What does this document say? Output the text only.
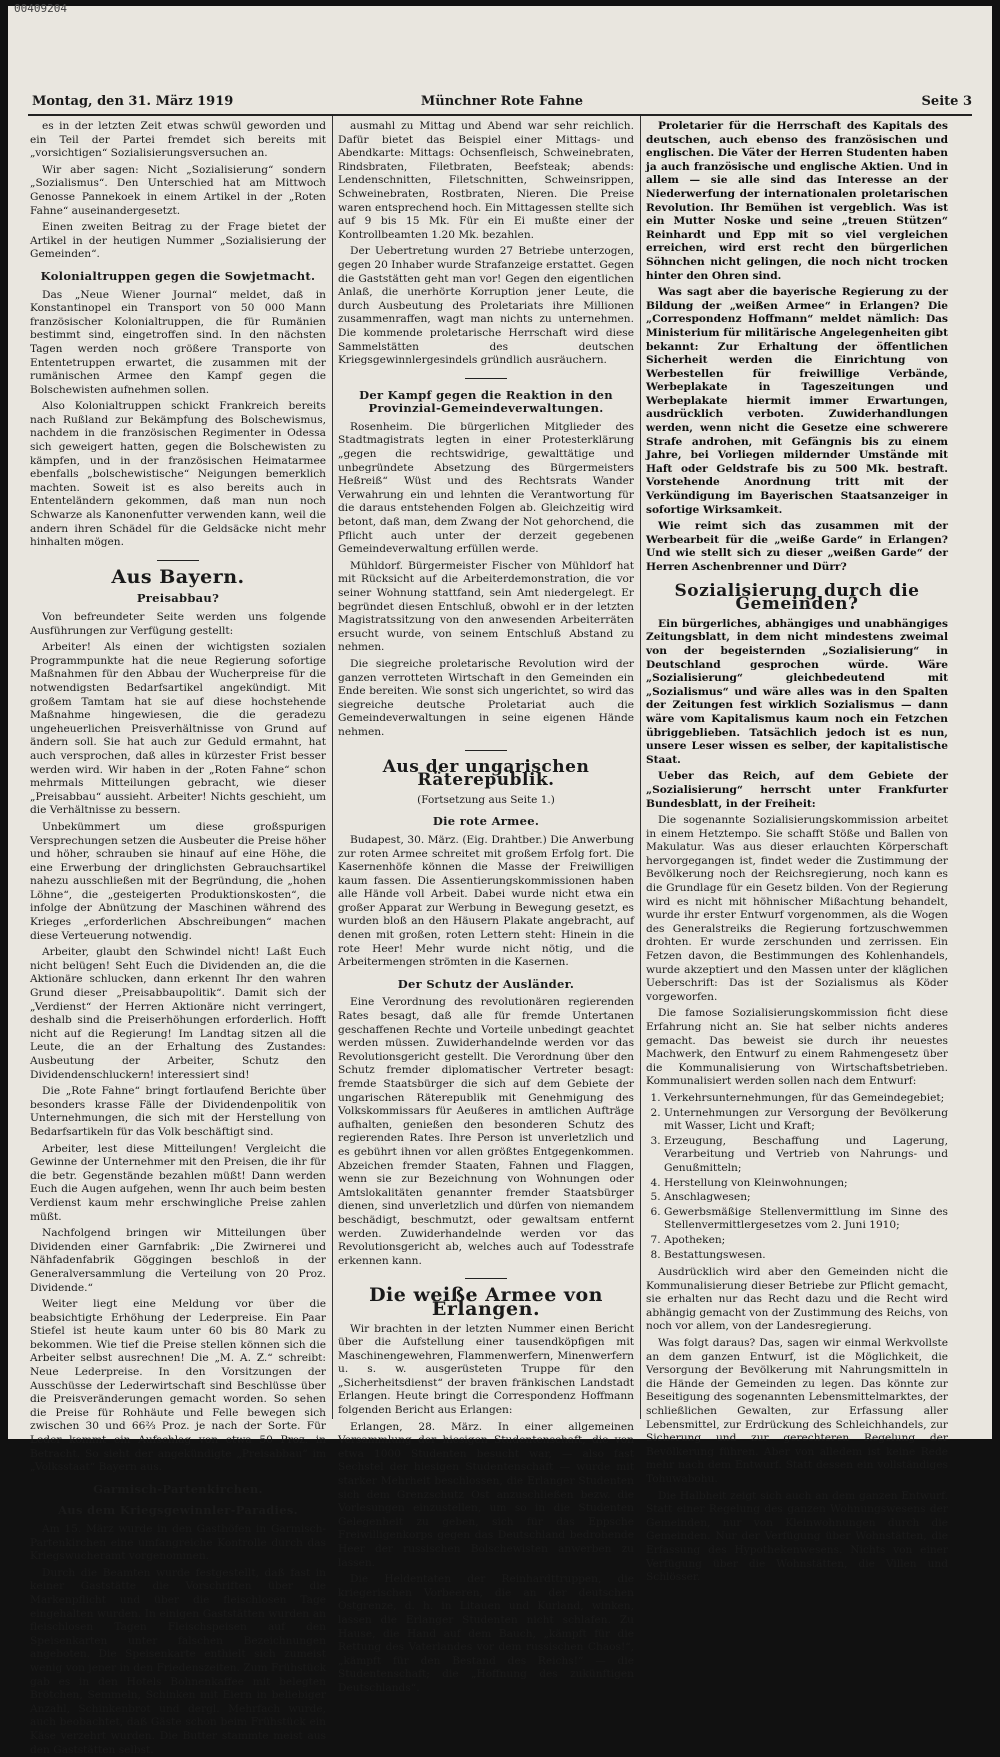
00409204
Montag, den 31. März 1919	Münchner Rote Fahne	Seite 3

es in der letzten Zeit etwas schwül geworden und ein Teil der Partei fremdet sich bereits mit „vorsichtigen“ Sozialisierungsversuchen an.

Wir aber sagen: Nicht „Sozialisierung“ sondern „Sozialismus“. Den Unterschied hat am Mittwoch Genosse Pannekoek in einem Artikel in der „Roten Fahne“ auseinandergesetzt.

Einen zweiten Beitrag zu der Frage bietet der Artikel in der heutigen Nummer „Sozialisierung der Gemeinden“.

Kolonialtruppen gegen die Sowjetmacht.

Das „Neue Wiener Journal“ meldet, daß in Konstantinopel ein Transport von 50 000 Mann französischer Kolonialtruppen, die für Rumänien bestimmt sind, eingetroffen sind. In den nächsten Tagen werden noch größere Transporte von Ententetruppen erwartet, die zusammen mit der rumänischen Armee den Kampf gegen die Bolschewisten aufnehmen sollen.

Also Kolonialtruppen schickt Frankreich bereits nach Rußland zur Bekämpfung des Bolschewismus, nachdem in die französischen Regimenter in Odessa sich geweigert hatten, gegen die Bolschewisten zu kämpfen, und in der französischen Heimatarmee ebenfalls „bolschewistische“ Neigungen bemerklich machten. Soweit ist es also bereits auch in Ententeländern gekommen, daß man nun noch Schwarze als Kanonenfutter verwenden kann, weil die andern ihren Schädel für die Geldsäcke nicht mehr hinhalten mögen.

Aus Bayern.
Preisabbau?

Von befreundeter Seite werden uns folgende Ausführungen zur Verfügung gestellt:

Arbeiter! Als einen der wichtigsten sozialen Programmpunkte hat die neue Regierung sofortige Maßnahmen für den Abbau der Wucherpreise für die notwendigsten Bedarfsartikel angekündigt. Mit großem Tamtam hat sie auf diese hochstehende Maßnahme hingewiesen, die die geradezu ungeheuerlichen Preisverhältnisse von Grund auf ändern soll. Sie hat auch zur Geduld ermahnt, hat auch versprochen, daß alles in kürzester Frist besser werden wird. Wir haben in der „Roten Fahne“ schon mehrmals Mitteilungen gebracht, wie dieser „Preisabbau“ aussieht. Arbeiter! Nichts geschieht, um die Verhältnisse zu bessern.

Unbekümmert um diese großspurigen Versprechungen setzen die Ausbeuter die Preise höher und höher, schrauben sie hinauf auf eine Höhe, die eine Erwerbung der dringlichsten Gebrauchsartikel nahezu ausschließen mit der Begründung, die „hohen Löhne“, die „gesteigerten Produktionskosten“, die infolge der Abnützung der Maschinen während des Krieges „erforderlichen Abschreibungen“ machen diese Verteuerung notwendig.

Arbeiter, glaubt den Schwindel nicht! Laßt Euch nicht belügen! Seht Euch die Dividenden an, die die Aktionäre schlucken, dann erkennt Ihr den wahren Grund dieser „Preisabbaupolitik“. Damit sich der „Verdienst“ der Herren Aktionäre nicht verringert, deshalb sind die Preiserhöhungen erforderlich. Hofft nicht auf die Regierung! Im Landtag sitzen all die Leute, die an der Erhaltung des Zustandes: Ausbeutung der Arbeiter, Schutz den Dividendenschluckern! interessiert sind!

Die „Rote Fahne“ bringt fortlaufend Berichte über besonders krasse Fälle der Dividendenpolitik von Unternehmungen, die sich mit der Herstellung von Bedarfsartikeln für das Volk beschäftigt sind.

Arbeiter, lest diese Mitteilungen! Vergleicht die Gewinne der Unternehmer mit den Preisen, die ihr für die betr. Gegenstände bezahlen müßt! Dann werden Euch die Augen aufgehen, wenn Ihr auch beim besten Verdienst kaum mehr erschwingliche Preise zahlen müßt.

Nachfolgend bringen wir Mitteilungen über Dividenden einer Garnfabrik: „Die Zwirnerei und Nähfadenfabrik Göggingen beschloß in der Generalversammlung die Verteilung von 20 Proz. Dividende.“

Weiter liegt eine Meldung vor über die beabsichtigte Erhöhung der Lederpreise. Ein Paar Stiefel ist heute kaum unter 60 bis 80 Mark zu bekommen. Wie tief die Preise stellen können sich die Arbeiter selbst ausrechnen! Die „M. A. Z.“ schreibt: Neue Lederpreise. In den Vorsitzungen der Ausschüsse der Lederwirtschaft sind Beschlüsse über die Preisveränderungen gemacht worden. So sehen die Preise für Rohhäute und Felle bewegen sich zwischen 30 und 66⅔ Proz. je nach der Sorte. Für Leder kommt ein Aufschlag von etwa 50 Proz. in Betracht. So sieht der angekündigte „Preisabbau“ im „Volksstaat“ Bayern aus.

Garmisch-Partenkirchen.
Aus dem Kriegsgewinnler-Paradies.

Am 15. März wurde in den Gasthöfen in Garmisch-Partenkirchen eine umfangreiche Kontrolle durch das Kriegswucheramt vorgenommen.

Durch die Beamten wurde festgestellt, daß fast in keiner Gaststätte die Vorschriften über die Markenpflicht und über die fleischlosen Tage eingehalten wurden. In einigen Gaststätten wurden an fleischlosen Tagen Fleischspeisen auf den Speisenkarten unter falschen Bezeichnungen angeboten. Die Speisenkarte enthielt sich zumeist wenig von jener in den Friedenszeiten. Zum Frühstück gab es in den Hotels Bohnenkaffee mit belegten Brötchen, Semmeln, Schinken mit Eiern in beliebiger Anzahl, Schinkenbrot und dergl. Mehrfach wurde, auch beobachtet, daß Gäste schon beim Frühstück ein Käse verzehrt wurden. Die Butter stammte meist aus den Gaststätten selbst.

ausmahl zu Mittag und Abend war sehr reichlich. Dafür bietet das Beispiel einer Mittags- und Abendkarte: Mittags: Ochsenfleisch, Schweinebraten, Rindsbraten, Filetbraten, Beefsteak; abends: Lendenschnitten, Filetschnitten, Schweinsrippen, Schweinebraten, Rostbraten, Nieren. Die Preise waren entsprechend hoch. Ein Mittagessen stellte sich auf 9 bis 15 Mk. Für ein Ei mußte einer der Kontrollbeamten 1.20 Mk. bezahlen.

Der Uebertretung wurden 27 Betriebe unterzogen, gegen 20 Inhaber wurde Strafanzeige erstattet. Gegen die Gaststätten geht man vor! Gegen den eigentlichen Anlaß, die unerhörte Korruption jener Leute, die durch Ausbeutung des Proletariats ihre Millionen zusammenraffen, wagt man nichts zu unternehmen. Die kommende proletarische Herrschaft wird diese Sammelstätten des deutschen Kriegsgewinnlergesindels gründlich ausräuchern.

Der Kampf gegen die Reaktion in den Provinzial-Gemeindeverwaltungen.

Rosenheim. Die bürgerlichen Mitglieder des Stadtmagistrats legten in einer Protesterklärung „gegen die rechtswidrige, gewalttätige und unbegründete Absetzung des Bürgermeisters Heßreiß“ Wüst und des Rechtsrats Wander Verwahrung ein und lehnten die Verantwortung für die daraus entstehenden Folgen ab. Gleichzeitig wird betont, daß man, dem Zwang der Not gehorchend, die Pflicht auch unter der derzeit gegebenen Gemeindeverwaltung erfüllen werde.

Mühldorf. Bürgermeister Fischer von Mühldorf hat mit Rücksicht auf die Arbeiterdemonstration, die vor seiner Wohnung stattfand, sein Amt niedergelegt. Er begründet diesen Entschluß, obwohl er in der letzten Magistratssitzung von den anwesenden Arbeiterräten ersucht wurde, von seinem Entschluß Abstand zu nehmen.

Die siegreiche proletarische Revolution wird der ganzen verrotteten Wirtschaft in den Gemeinden ein Ende bereiten. Wie sonst sich ungerichtet, so wird das siegreiche deutsche Proletariat auch die Gemeindeverwaltungen in seine eigenen Hände nehmen.

Aus der ungarischen Räterepublik.
(Fortsetzung aus Seite 1.)
Die rote Armee.

Budapest, 30. März. (Eig. Drahtber.) Die Anwerbung zur roten Armee schreitet mit großem Erfolg fort. Die Kasernenhöfe können die Masse der Freiwilligen kaum fassen. Die Assentierungskommissionen haben alle Hände voll Arbeit. Dabei wurde nicht etwa ein großer Apparat zur Werbung in Bewegung gesetzt, es wurden bloß an den Häusern Plakate angebracht, auf denen mit großen, roten Lettern steht: Hinein in die rote Heer! Mehr wurde nicht nötig, und die Arbeitermengen strömten in die Kasernen.

Der Schutz der Ausländer.

Eine Verordnung des revolutionären regierenden Rates besagt, daß alle für fremde Untertanen geschaffenen Rechte und Vorteile unbedingt geachtet werden müssen. Zuwiderhandelnde werden vor das Revolutionsgericht gestellt. Die Verordnung über den Schutz fremder diplomatischer Vertreter besagt: fremde Staatsbürger die sich auf dem Gebiete der ungarischen Räterepublik mit Genehmigung des Volkskommissars für Aeußeres in amtlichen Aufträge aufhalten, genießen den besonderen Schutz des regierenden Rates. Ihre Person ist unverletzlich und es gebührt ihnen vor allen größtes Entgegenkommen. Abzeichen fremder Staaten, Fahnen und Flaggen, wenn sie zur Bezeichnung von Wohnungen oder Amtslokalitäten genannter fremder Staatsbürger dienen, sind unverletzlich und dürfen von niemandem beschädigt, beschmutzt, oder gewaltsam entfernt werden. Zuwiderhandelnde werden vor das Revolutionsgericht ab, welches auch auf Todesstrafe erkennen kann.

Die weiße Armee von Erlangen.

Wir brachten in der letzten Nummer einen Bericht über die Aufstellung einer tausendköpfigen mit Maschinengewehren, Flammenwerfern, Minenwerfern u. s. w. ausgerüsteten Truppe für den „Sicherheitsdienst“ der braven fränkischen Landstadt Erlangen. Heute bringt die Correspondenz Hoffmann folgenden Bericht aus Erlangen:

Erlangen, 28. März. In einer allgemeinen Versammlung der hiesigen Studentenschaft, die von etwa 1000 Studenten besucht war, — also fast Sechstel der hiesigen Studentenschaft — wurde mit starker Mehrheit beschlossen, die Erlanger Studenten sich dem Grenzschutz Ost anzuschließen bezw. die Vorlesungen einzustellen, um so in die Studenten Gelegenheit zu geben, sich für das Eppsche Freiwilligenkorps gegen das Deutschland bedrohende Heer der russischen Bolschewisten anwerben zu lassen.

Die Heldentaten der Reinhardttruppen, die kriegerischen Vorbeeren, die an der deutschen Ostgrenze, d. h. in Litauen und Kurland, winken, lassen die Erlanger Studenten nicht schlafen. Zu Hause, die Hand auf dem Bauch, „kämpft für die Rettung des Vaterlandes vor dem russischen Chaos!“, „kämpft für den Bestand des Reichs!“ — die Studentenschaft; die „Hoffnung des zukünftigen Deutschlands“.

Proletarier für die Herrschaft des Kapitals des deutschen, auch ebenso des französischen und englischen. Die Väter der Herren Studenten haben ja auch französische und englische Aktien. Und in allem — sie alle sind das Interesse an der Niederwerfung der internationalen proletarischen Revolution. Ihr Bemühen ist vergeblich. Was ist ein Mutter Noske und seine „treuen Stützen“ Reinhardt und Epp mit so viel vergleichen erreichen, wird erst recht den bürgerlichen Söhnchen nicht gelingen, die noch nicht trocken hinter den Ohren sind.

Was sagt aber die bayerische Regierung zu der Bildung der „weißen Armee“ in Erlangen? Die „Correspondenz Hoffmann“ meldet nämlich: Das Ministerium für militärische Angelegenheiten gibt bekannt: Zur Erhaltung der öffentlichen Sicherheit werden die Einrichtung von Werbestellen für freiwillige Verbände, Werbeplakate in Tageszeitungen und Werbeplakate hiermit immer Erwartungen, ausdrücklich verboten. Zuwiderhandlungen werden, wenn nicht die Gesetze eine schwerere Strafe androhen, mit Gefängnis bis zu einem Jahre, bei Vorliegen mildernder Umstände mit Haft oder Geldstrafe bis zu 500 Mk. bestraft. Vorstehende Anordnung tritt mit der Verkündigung im Bayerischen Staatsanzeiger in sofortige Wirksamkeit.

Wie reimt sich das zusammen mit der Werbearbeit für die „weiße Garde“ in Erlangen? Und wie stellt sich zu dieser „weißen Garde“ der Herren Aschenbrenner und Dürr?

Sozialisierung durch die Gemeinden?

Ein bürgerliches, abhängiges und unabhängiges Zeitungsblatt, in dem nicht mindestens zweimal von der begeisternden „Sozialisierung“ in Deutschland gesprochen würde. Wäre „Sozialisierung“ gleichbedeutend mit „Sozialismus“ und wäre alles was in den Spalten der Zeitungen fest wirklich Sozialismus — dann wäre vom Kapitalismus kaum noch ein Fetzchen übriggeblieben. Tatsächlich jedoch ist es nun, unsere Leser wissen es selber, der kapitalistische Staat.

Ueber das Reich, auf dem Gebiete der „Sozialisierung“ herrscht unter Frankfurter Bundesblatt, in der Freiheit:

Die sogenannte Sozialisierungskommission arbeitet in einem Hetztempo. Sie schafft Stöße und Ballen von Makulatur. Was aus dieser erlauchten Körperschaft hervorgegangen ist, findet weder die Zustimmung der Bevölkerung noch der Reichsregierung, noch kann es die Grundlage für ein Gesetz bilden. Von der Regierung wird es nicht mit höhnischer Mißachtung behandelt, wurde ihr erster Entwurf vorgenommen, als die Wogen des Generalstreiks die Regierung fortzuschwemmen drohten. Er wurde zerschunden und zerrissen. Ein Fetzen davon, die Bestimmungen des Kohlenhandels, wurde akzeptiert und den Massen unter der kläglichen Ueberschrift: Das ist der Sozialismus als Köder vorgeworfen.

Die famose Sozialisierungskommission ficht diese Erfahrung nicht an. Sie hat selber nichts anderes gemacht. Das beweist sie durch ihr neuestes Machwerk, den Entwurf zu einem Rahmengesetz über die Kommunalisierung von Wirtschaftsbetrieben. Kommunalisiert werden sollen nach dem Entwurf:

1. Verkehrsunternehmungen, für das Gemeindegebiet;
2. Unternehmungen zur Versorgung der Bevölkerung mit Wasser, Licht und Kraft;
3. Erzeugung, Beschaffung und Lagerung, Verarbeitung und Vertrieb von Nahrungs- und Genußmitteln;
4. Herstellung von Kleinwohnungen;
5. Anschlagwesen;
6. Gewerbsmäßige Stellenvermittlung im Sinne des Stellenvermittlergesetzes vom 2. Juni 1910;
7. Apotheken;
8. Bestattungswesen.

Ausdrücklich wird aber den Gemeinden nicht die Kommunalisierung dieser Betriebe zur Pflicht gemacht, sie erhalten nur das Recht dazu und die Recht wird abhängig gemacht von der Zustimmung des Reichs, von noch vor allem, von der Landesregierung.

Was folgt daraus? Das, sagen wir einmal Werkvollste an dem ganzen Entwurf, ist die Möglichkeit, die Versorgung der Bevölkerung mit Nahrungsmitteln in die Hände der Gemeinden zu legen. Das könnte zur Beseitigung des sogenannten Lebensmittelmarktes, der schließlichen Gewalten, zur Erfassung aller Lebensmittel, zur Erdrückung des Schleichhandels, zur Sicherung und zur gerechteren Regelung der Bevölkerung führen. Aber von alledem ist keine Rede mehr nach dem Entwurf. Statt dessen ein vollständiges Tohuwabohu.

Die Halbheit zeigt sich auch an dem ganzen Entwurf. Statt einer Regelung des ganzen Wohnungswesens der Gemeinden, nur von Kleinwohnungen durch die Gemeinden. Nur der Verfügung über Wohnstätten, die Erfassung des Hypothekenwesens. Nichts von einer Verfügung über die Wohnstätten, die Villen und Schlösser.
